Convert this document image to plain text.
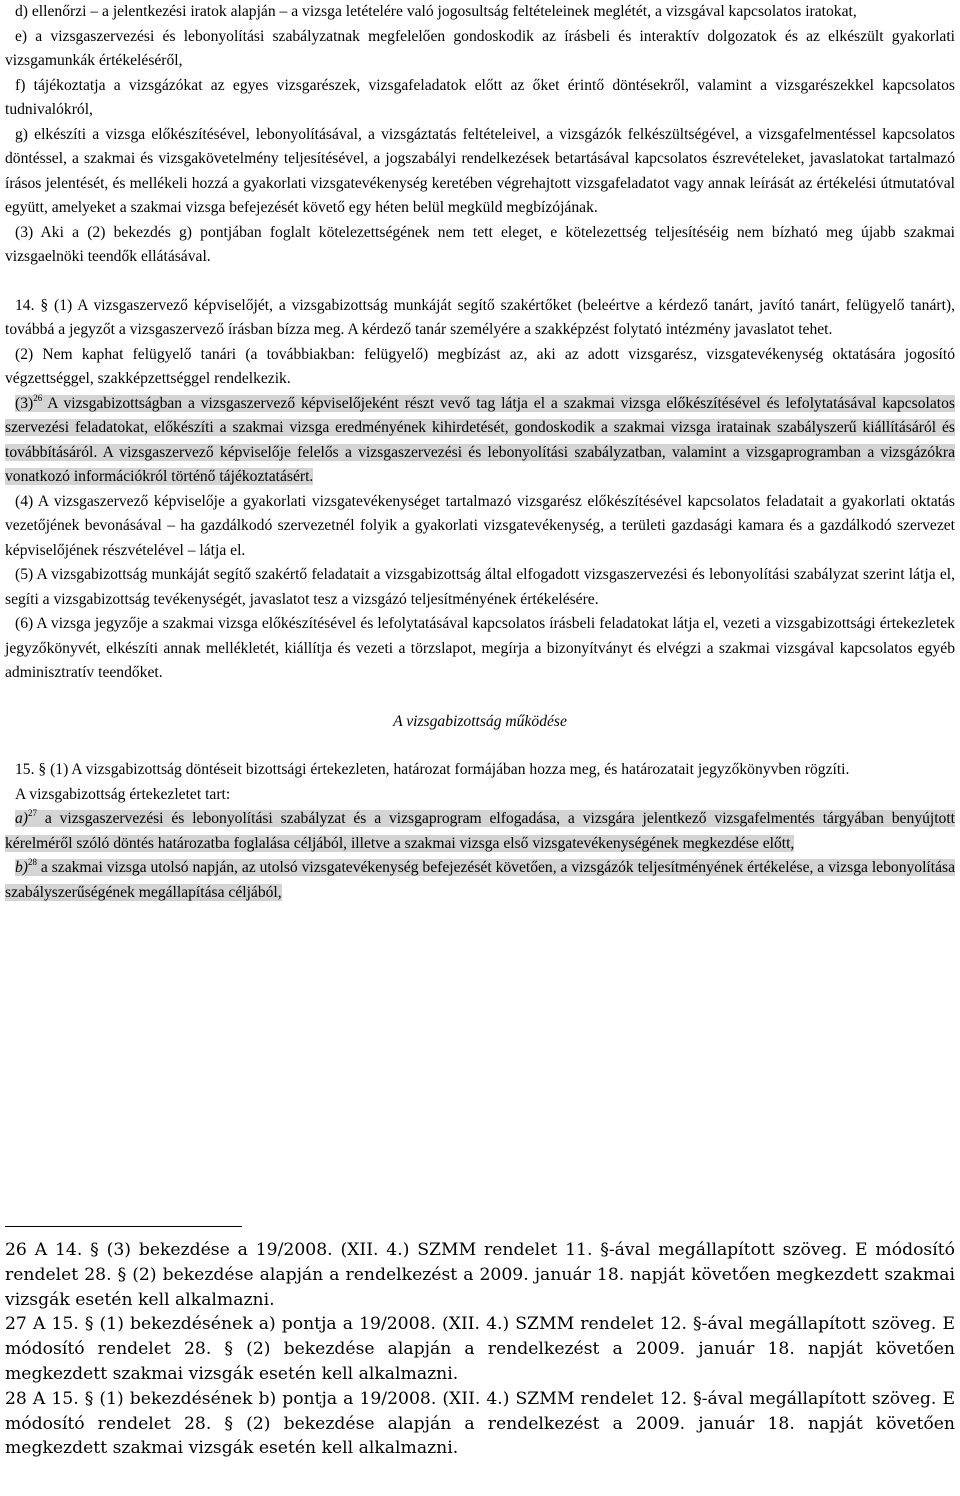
d) ellenőrzi – a jelentkezési iratok alapján – a vizsga letételére való jogosultság feltételeinek meglétét, a vizsgával kapcsolatos iratokat,

e) a vizsgaszervezési és lebonyolítási szabályzatnak megfelelően gondoskodik az írásbeli és interaktív dolgozatok és az elkészült gyakorlati vizsgamunkák értékeléséről,

f) tájékoztatja a vizsgázókat az egyes vizsgarészek, vizsgafeladatok előtt az őket érintő döntésekről, valamint a vizsgarészekkel kapcsolatos tudnivalókról,

g) elkészíti a vizsga előkészítésével, lebonyolításával, a vizsgáztatás feltételeivel, a vizsgázók felkészültségével, a vizsgafelmentéssel kapcsolatos döntéssel, a szakmai és vizsgakövetelmény teljesítésével, a jogszabályi rendelkezések betartásával kapcsolatos észrevételeket, javaslatokat tartalmazó írásos jelentését, és mellékeli hozzá a gyakorlati vizsgatevékenység keretében végrehajtott vizsgafeladatot vagy annak leírását az értékelési útmutatóval együtt, amelyeket a szakmai vizsga befejezését követő egy héten belül megküld megbízójának.

(3) Aki a (2) bekezdés g) pontjában foglalt kötelezettségének nem tett eleget, e kötelezettség teljesítéséig nem bízható meg újabb szakmai vizsgaelnöki teendők ellátásával.

14. § (1) A vizsgaszervező képviselőjét, a vizsgabizottság munkáját segítő szakértőket (beleértve a kérdező tanárt, javító tanárt, felügyelő tanárt), továbbá a jegyzőt a vizsgaszervező írásban bízza meg. A kérdező tanár személyére a szakképzést folytató intézmény javaslatot tehet.

(2) Nem kaphat felügyelő tanári (a továbbiakban: felügyelő) megbízást az, aki az adott vizsgarész, vizsgatevékenység oktatására jogosító végzettséggel, szakképzettséggel rendelkezik.

$(3)^{26}$ A vizsgabizottságban a vizsgaszervező képviselőjeként részt vevő tag látja el a szakmai vizsga előkészítésével és lefolytatásával kapcsolatos szervezési feladatokat, előkészíti a szakmai vizsga eredményének kihirdetését, gondoskodik a szakmai vizsga iratainak szabályszerű kiállításáról és továbbításáról. A vizsgaszervező képviselője felelős a vizsgaszervezési és lebonyolítási szabályzatban, valamint a vizsgaprogramban a vizsgázókra vonatkozó információkról történő tájékoztatásért.

(4) A vizsgaszervező képviselője a gyakorlati vizsgatevékenységet tartalmazó vizsgarész előkészítésével kapcsolatos feladatait a gyakorlati oktatás vezetőjének bevonásával – ha gazdálkodó szervezetnél folyik a gyakorlati vizsgatevékenység, a területi gazdasági kamara és a gazdálkodó szervezet képviselőjének részvételével – látja el.

(5) A vizsgabizottság munkáját segítő szakértő feladatait a vizsgabizottság által elfogadott vizsgaszervezési és lebonyolítási szabályzat szerint látja el, segíti a vizsgabizottság tevékenységét, javaslatot tesz a vizsgázó teljesítményének értékelésére.

(6) A vizsga jegyzője a szakmai vizsga előkészítésével és lefolytatásával kapcsolatos írásbeli feladatokat látja el, vezeti a vizsgabizottsági értekezletek jegyzőkönyvét, elkészíti annak mellékletét, kiállítja és vezeti a törzslapot, megírja a bizonyítványt és elvégzi a szakmai vizsgával kapcsolatos egyéb adminisztratív teendőket.

A vizsgabizottság működése

15. § (1) A vizsgabizottság döntéseit bizottsági értekezleten, határozat formájában hozza meg, és határozatait jegyzőkönyvben rögzíti.

A vizsgabizottság értekezletet tart:

a)$^{27}$ a vizsgaszervezési és lebonyolítási szabályzat és a vizsgaprogram elfogadása, a vizsgára jelentkező vizsgafelmentés tárgyában benyújtott kérelméről szóló döntés határozatba foglalása céljából, illetve a szakmai vizsga első vizsgatevékenységének megkezdése előtt,

b)$^{28}$ a szakmai vizsga utolsó napján, az utolsó vizsgatevékenység befejezését követően, a vizsgázók teljesítményének értékelése, a vizsga lebonyolítása szabályszerűségének megállapítása céljából,

26 A 14. § (3) bekezdése a 19/2008. (XII. 4.) SZMM rendelet 11. §-ával megállapított szöveg. E módosító rendelet 28. § (2) bekezdése alapján a rendelkezést a 2009. január 18. napját követően megkezdett szakmai vizsgák esetén kell alkalmazni.

27 A 15. § (1) bekezdésének a) pontja a 19/2008. (XII. 4.) SZMM rendelet 12. §-ával megállapított szöveg. E módosító rendelet 28. § (2) bekezdése alapján a rendelkezést a 2009. január 18. napját követően megkezdett szakmai vizsgák esetén kell alkalmazni.

28 A 15. § (1) bekezdésének b) pontja a 19/2008. (XII. 4.) SZMM rendelet 12. §-ával megállapított szöveg. E módosító rendelet 28. § (2) bekezdése alapján a rendelkezést a 2009. január 18. napját követően megkezdett szakmai vizsgák esetén kell alkalmazni.
